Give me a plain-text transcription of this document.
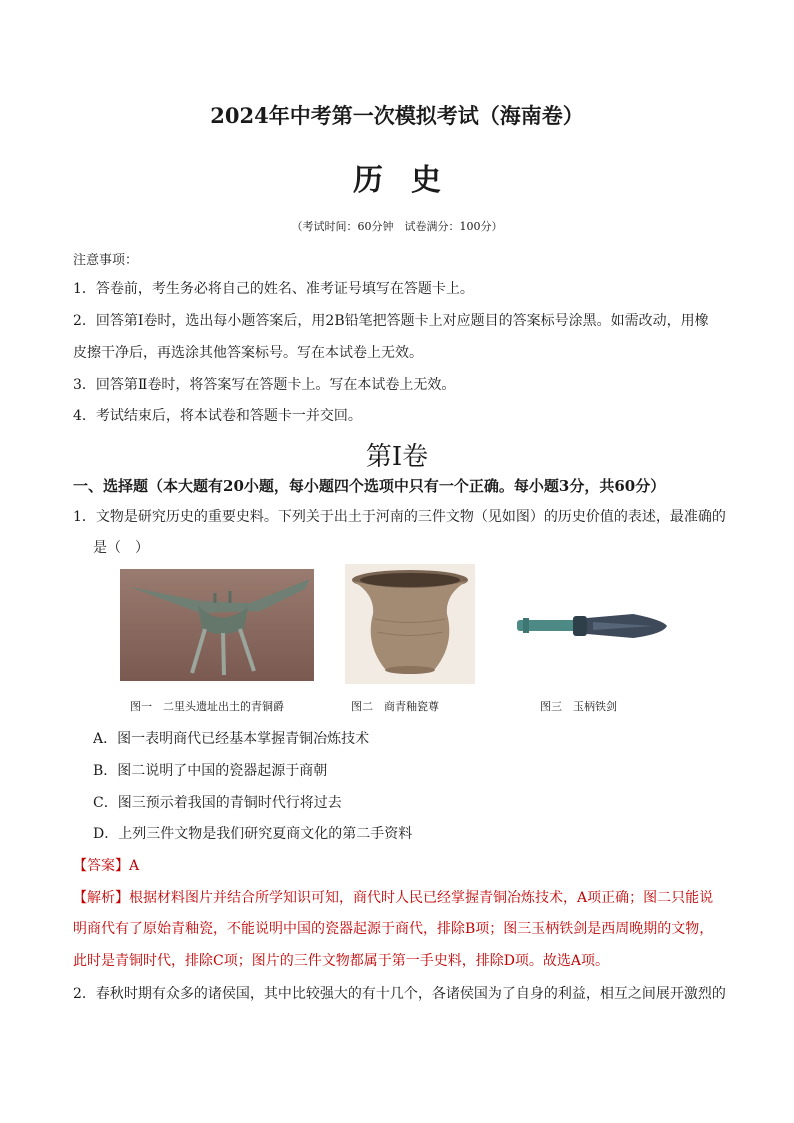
2024年中考第一次模拟考试（海南卷）
历史
（考试时间：60分钟　试卷满分：100分）
注意事项：
1．答卷前，考生务必将自己的姓名、准考证号填写在答题卡上。
2．回答第Ⅰ卷时，选出每小题答案后，用2B铅笔把答题卡上对应题目的答案标号涂黑。如需改动，用橡
皮擦干净后，再选涂其他答案标号。写在本试卷上无效。
3．回答第Ⅱ卷时，将答案写在答题卡上。写在本试卷上无效。
4．考试结束后，将本试卷和答题卡一并交回。
第Ⅰ卷
一、选择题（本大题有20小题，每小题四个选项中只有一个正确。每小题3分，共60分）
1．文物是研究历史的重要史料。下列关于出土于河南的三件文物（见如图）的历史价值的表述，最准确的
是（　）
图一　二里头遗址出土的青铜爵	图二　商青釉瓷尊	图三　玉柄铁剑
A．图一表明商代已经基本掌握青铜冶炼技术
B．图二说明了中国的瓷器起源于商朝
C．图三预示着我国的青铜时代行将过去
D．上列三件文物是我们研究夏商文化的第二手资料
【答案】A
【解析】根据材料图片并结合所学知识可知，商代时人民已经掌握青铜冶炼技术，A项正确；图二只能说
明商代有了原始青釉瓷，不能说明中国的瓷器起源于商代，排除B项；图三玉柄铁剑是西周晚期的文物，
此时是青铜时代，排除C项；图片的三件文物都属于第一手史料，排除D项。故选A项。
2．春秋时期有众多的诸侯国，其中比较强大的有十几个，各诸侯国为了自身的利益，相互之间展开激烈的
